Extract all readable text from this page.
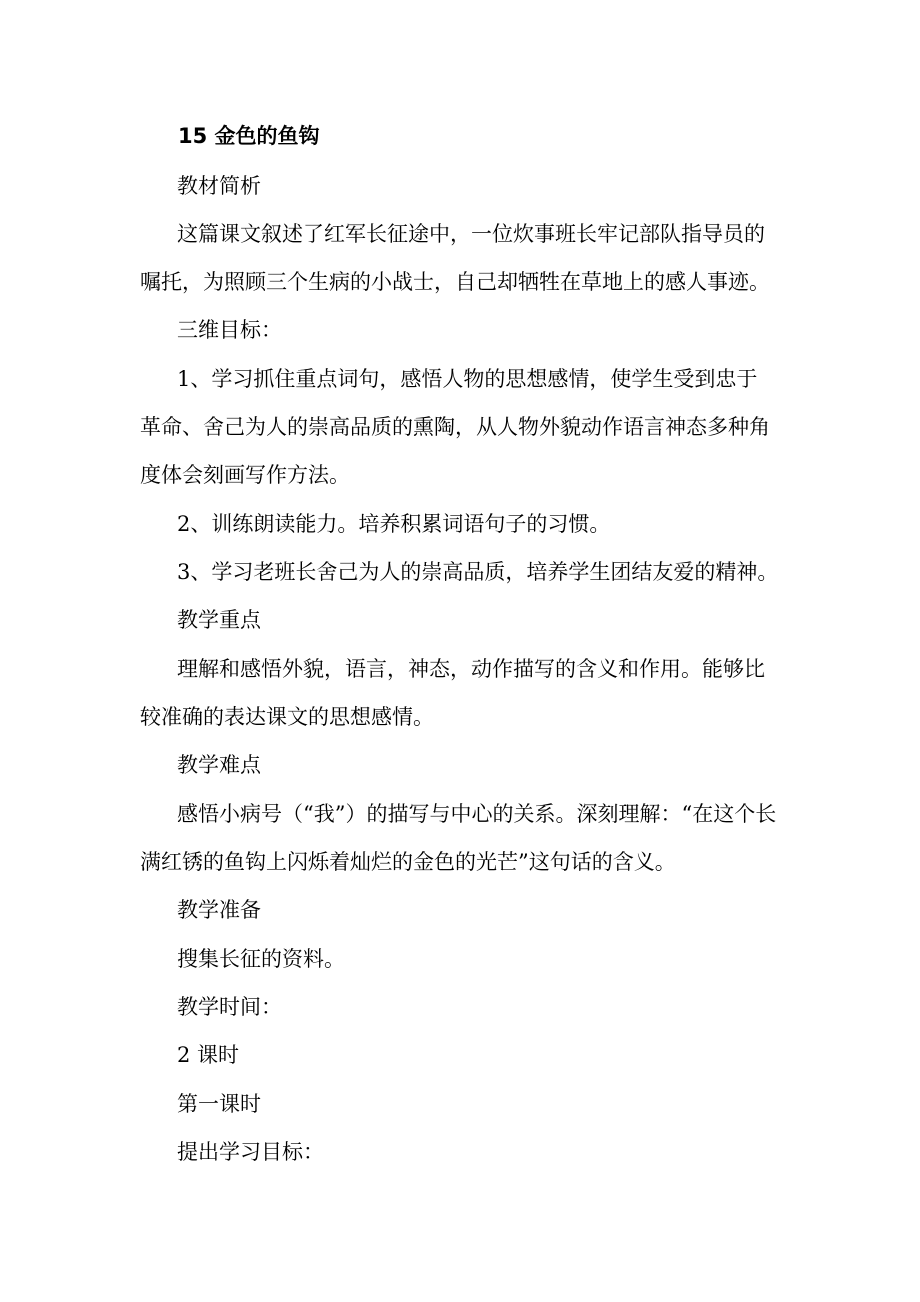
15 金色的鱼钩
教材简析
这篇课文叙述了红军长征途中，一位炊事班长牢记部队指导员的
嘱托，为照顾三个生病的小战士，自己却牺牲在草地上的感人事迹。
三维目标：
1、学习抓住重点词句，感悟人物的思想感情，使学生受到忠于
革命、舍己为人的崇高品质的熏陶，从人物外貌动作语言神态多种角
度体会刻画写作方法。
2、训练朗读能力。培养积累词语句子的习惯。
3、学习老班长舍己为人的崇高品质，培养学生团结友爱的精神。
教学重点
理解和感悟外貌，语言，神态，动作描写的含义和作用。能够比
较准确的表达课文的思想感情。
教学难点
感悟小病号（“我”）的描写与中心的关系。深刻理解：“在这个长
满红锈的鱼钩上闪烁着灿烂的金色的光芒”这句话的含义。
教学准备
搜集长征的资料。
教学时间：
2 课时
第一课时
提出学习目标：
